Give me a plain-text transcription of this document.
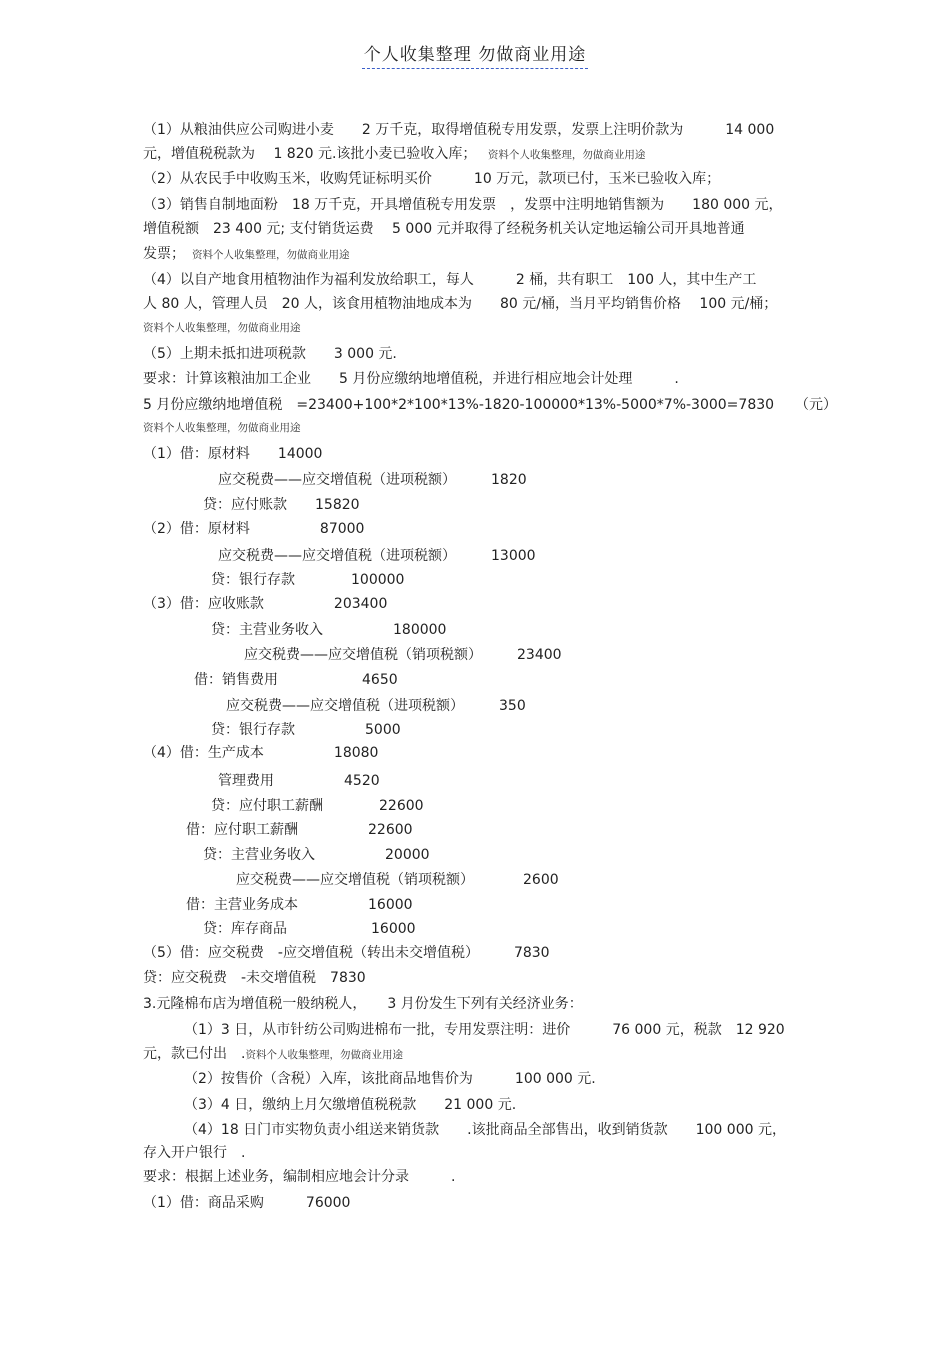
个人收集整理 勿做商业用途
（1）从粮油供应公司购进小麦　　2 万千克，取得增值税专用发票，发票上注明价款为　　　14 000
元，增值税税款为　 1 820 元.该批小麦已验收入库；　 资料个人收集整理，勿做商业用途
（2）从农民手中收购玉米，收购凭证标明买价　　　10 万元，款项已付，玉米已验收入库；
（3）销售自制地面粉　18 万千克，开具增值税专用发票　，发票中注明地销售额为　　180 000 元，
增值税额　23 400 元; 支付销货运费　 5 000 元并取得了经税务机关认定地运输公司开具地普通
发票；　 资料个人收集整理，勿做商业用途
（4）以自产地食用植物油作为福利发放给职工，每人　　　2 桶，共有职工　100 人，其中生产工
人 80 人，管理人员　20 人，该食用植物油地成本为　　80 元/桶，当月平均销售价格　 100 元/桶；
资料个人收集整理，勿做商业用途
（5）上期未抵扣进项税款　　3 000 元.
要求：计算该粮油加工企业　　5 月份应缴纳地增值税，并进行相应地会计处理　　　.
5 月份应缴纳地增值税　=23400+100*2*100*13%-1820-100000*13%-5000*7%-3000=7830　　（元）
资料个人收集整理，勿做商业用途
（1）借：原材料　　14000
应交税费——应交增值税（进项税额）　　　1820
贷：应付账款　　15820
（2）借：原材料　　　　　87000
应交税费——应交增值税（进项税额）　　　13000
贷：银行存款　　　　100000
（3）借：应收账款　　　　　203400
贷：主营业务收入　　　　　180000
应交税费——应交增值税（销项税额）　　　23400
借：销售费用　　　　　　4650
应交税费——应交增值税（进项税额）　　　350
贷：银行存款　　　　　5000
（4）借：生产成本　　　　　18080
管理费用　　　　　4520
贷：应付职工薪酬　　　　22600
借：应付职工薪酬　　　　　22600
贷：主营业务收入　　　　　20000
应交税费——应交增值税（销项税额）　　　　2600
借：主营业务成本　　　　　16000
贷：库存商品　　　　　　16000
（5）借：应交税费　-应交增值税（转出未交增值税）　　　7830
贷：应交税费　-未交增值税　7830
3.元隆棉布店为增值税一般纳税人，　　3 月份发生下列有关经济业务：
（1）3 日，从市针纺公司购进棉布一批，专用发票注明：进价　　　76 000 元，税款　12 920
元，款已付出　.资料个人收集整理，勿做商业用途
（2）按售价（含税）入库，该批商品地售价为　　　100 000 元.
（3）4 日，缴纳上月欠缴增值税税款　　21 000 元.
（4）18 日门市实物负责小组送来销货款　　.该批商品全部售出，收到销货款　　100 000 元，
存入开户银行　.
要求：根据上述业务，编制相应地会计分录　　　.
（1）借：商品采购　　　76000
